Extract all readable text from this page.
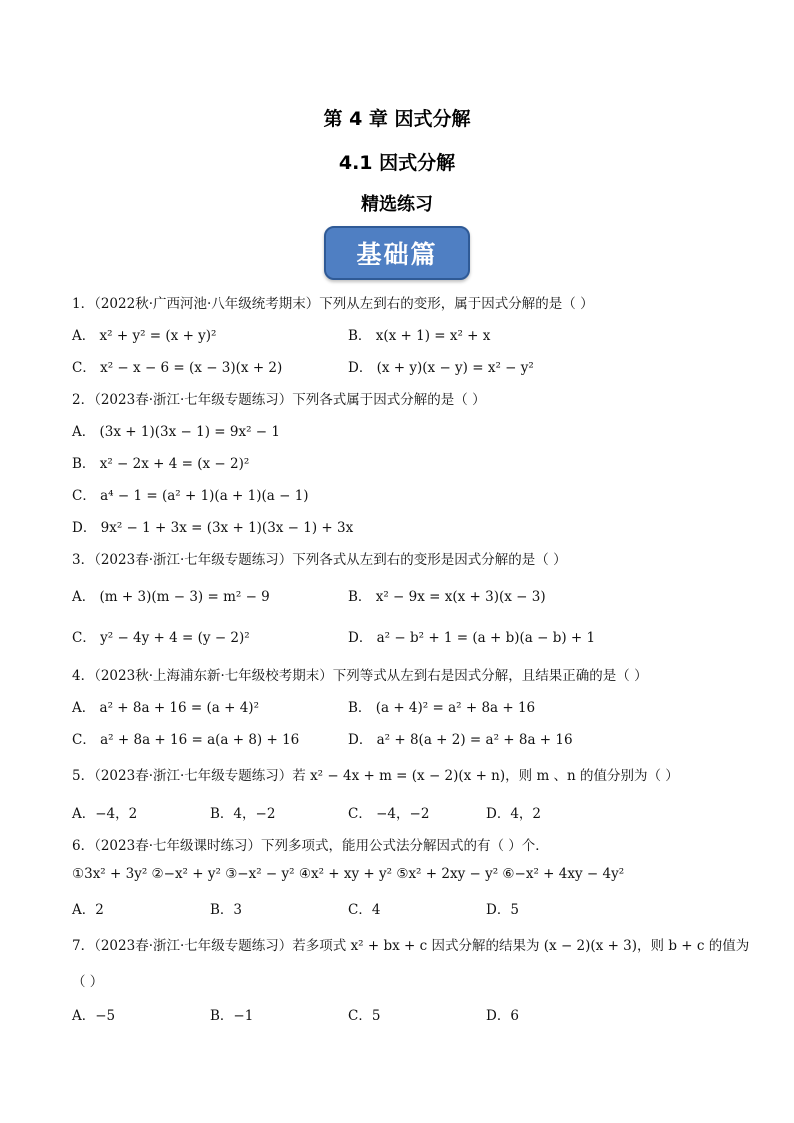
第 4 章 因式分解
4.1 因式分解
精选练习
基础篇
1．（2022秋·广西河池·八年级统考期末）下列从左到右的变形，属于因式分解的是（ ）
A． x² + y² = (x + y)²	B． x(x + 1) = x² + x
C． x² − x − 6 = (x − 3)(x + 2)	D． (x + y)(x − y) = x² − y²
2．（2023春·浙江·七年级专题练习）下列各式属于因式分解的是（ ）
A． (3x + 1)(3x − 1) = 9x² − 1
B． x² − 2x + 4 = (x − 2)²
C． a⁴ − 1 = (a² + 1)(a + 1)(a − 1)
D． 9x² − 1 + 3x = (3x + 1)(3x − 1) + 3x
3．（2023春·浙江·七年级专题练习）下列各式从左到右的变形是因式分解的是（ ）
A． (m + 3)(m − 3) = m² − 9	B． x² − 9x = x(x + 3)(x − 3)
C． y² − 4y + 4 = (y − 2)²	D． a² − b² + 1 = (a + b)(a − b) + 1
4．（2023秋·上海浦东新·七年级校考期末）下列等式从左到右是因式分解，且结果正确的是（ ）
A． a² + 8a + 16 = (a + 4)²	B． (a + 4)² = a² + 8a + 16
C． a² + 8a + 16 = a(a + 8) + 16	D． a² + 8(a + 2) = a² + 8a + 16
5．（2023春·浙江·七年级专题练习）若 x² − 4x + m = (x − 2)(x + n)，则 m 、n 的值分别为（ ）
A．−4，2	B．4，−2	C． −4，−2	D．4，2
6．（2023春·七年级课时练习）下列多项式，能用公式法分解因式的有（ ）个．
①3x² + 3y² ②−x² + y² ③−x² − y² ④x² + xy + y² ⑤x² + 2xy − y² ⑥−x² + 4xy − 4y²
A．2	B．3	C．4	D．5
7．（2023春·浙江·七年级专题练习）若多项式 x² + bx + c 因式分解的结果为 (x − 2)(x + 3)，则 b + c 的值为
（ ）
A．−5	B．−1	C．5	D．6
